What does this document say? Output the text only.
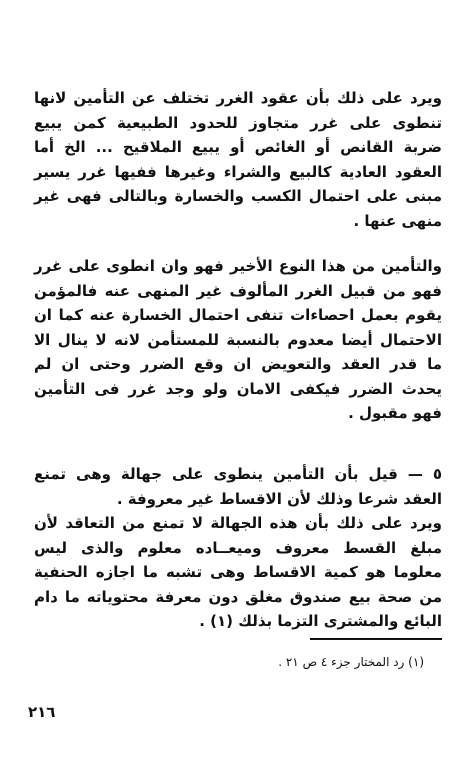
ويرد على ذلك بأن عقود الغرر تختلف عن التأمين لانها تنطوى على غرر متجاوز للحدود الطبيعية كمن يبيع ضربة القانص أو الغائص أو يبيع الملاقيح ... الخ أما العقود العادية كالبيع والشراء وغيرها ففيها غرر يسير مبنى على احتمال الكسب والخسارة وبالتالى فهى غير منهى عنها .

والتأمين من هذا النوع الأخير فهو وان انطوى على غرر فهو من قبيل الغرر المألوف غير المنهى عنه فالمؤمن يقوم بعمل احصاءات تنفى احتمال الخسارة عنه كما ان الاحتمال أيضا معدوم بالنسبة للمستأمن لانه لا ينال الا ما قدر العقد والتعويض ان وقع الضرر وحتى ان لم يحدث الضرر فيكفى الامان ولو وجد غرر فى التأمين فهو مقبول .

٥ — قيل بأن التأمين ينطوى على جهالة وهى تمنع العقد شرعا وذلك لأن الاقساط غير معروفة .

ويرد على ذلك بأن هذه الجهالة لا تمنع من التعاقد لأن مبلغ القسط معروف وميعــاده معلوم والذى ليس معلوما هو كمية الاقساط وهى تشبه ما اجازه الحنفية من صحة بيع صندوق مغلق دون معرفة محتوياته ما دام البائع والمشترى التزما بذلك (١) .

(١) رد المختار جزء ٤ ص ٢١ .
٢١٦
